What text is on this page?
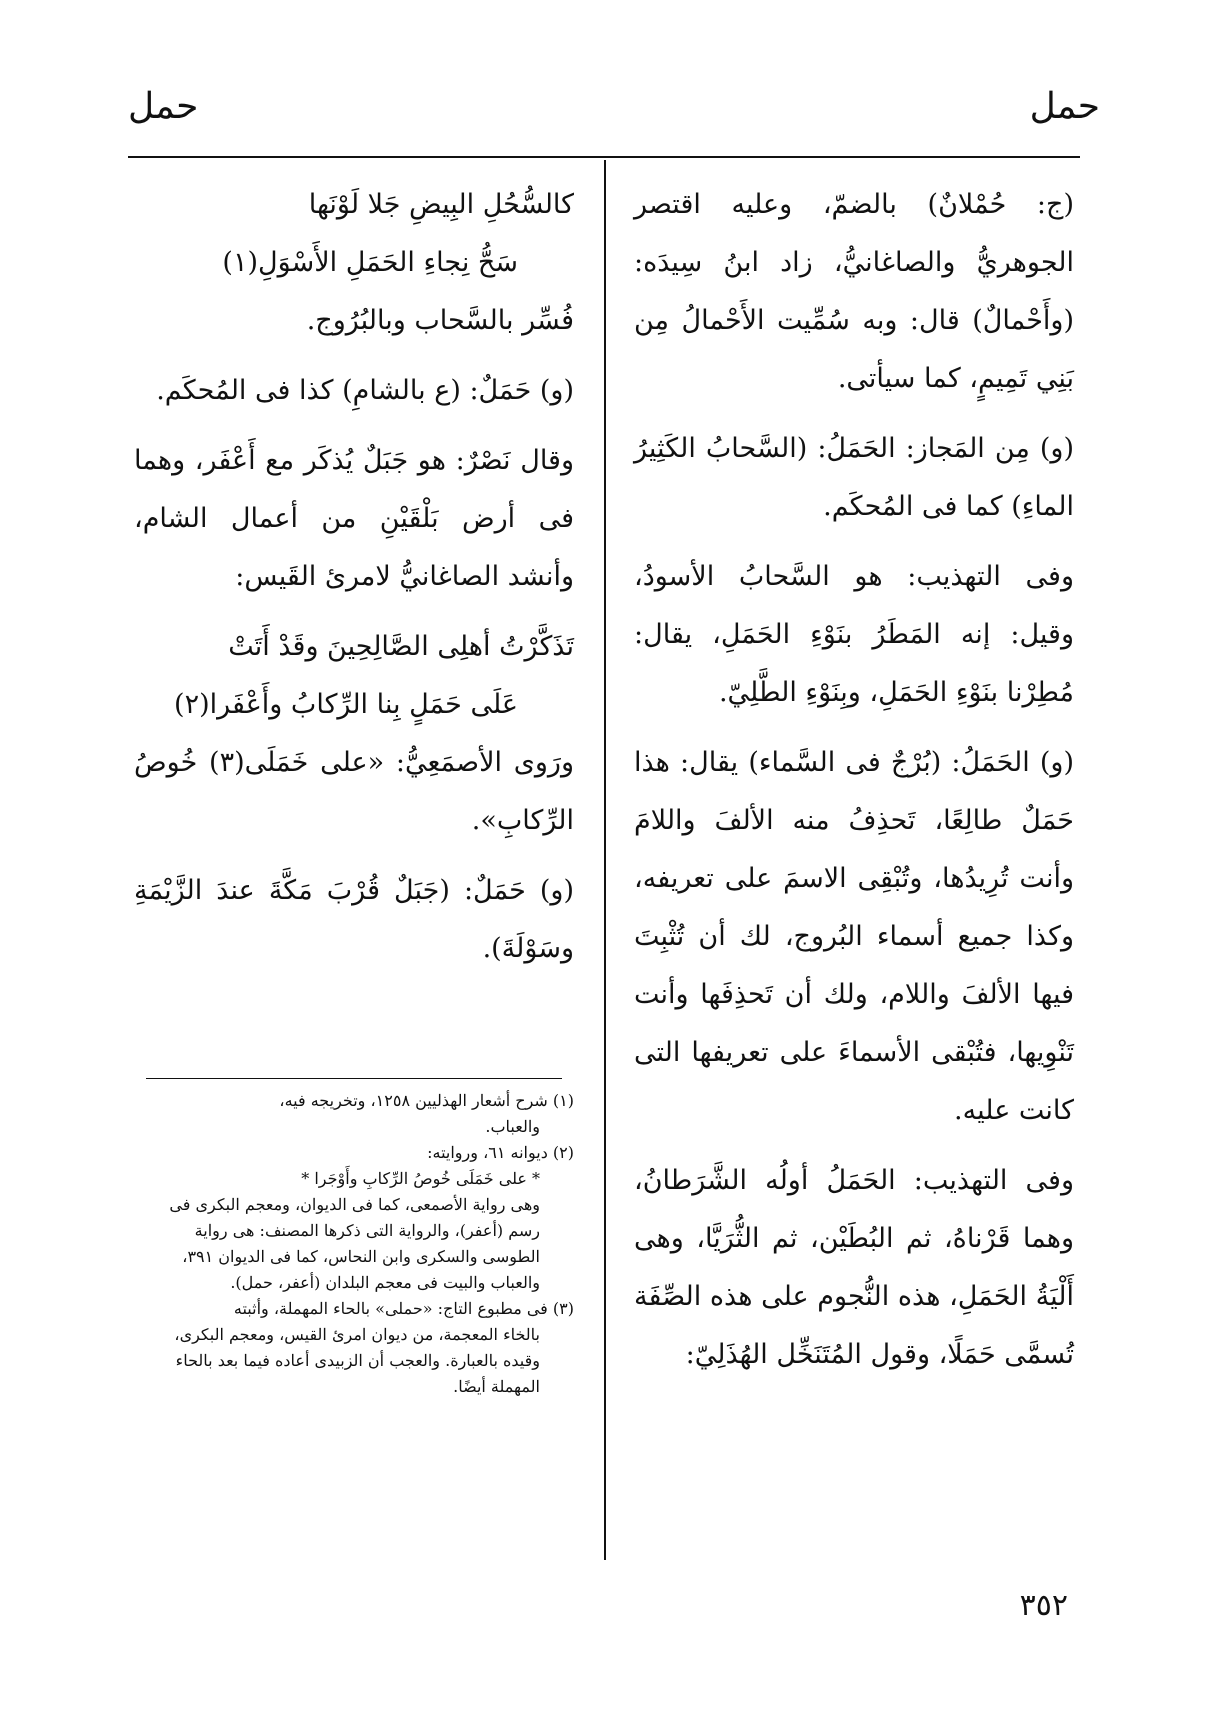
حمل
حمل

(ج: حُمْلانٌ) بالضمّ، وعليه اقتصر الجوهريُّ والصاغانيُّ، زاد ابنُ سِيدَه: (وأَحْمالٌ) قال: وبه سُمِّيت الأَحْمالُ مِن بَنِي تَمِيمٍ، كما سيأتى.

(و) مِن المَجاز: الحَمَلُ: (السَّحابُ الكَثِيرُ الماءِ) كما فى المُحكَم.

وفى التهذيب: هو السَّحابُ الأسودُ، وقيل: إنه المَطَرُ بنَوْءِ الحَمَلِ، يقال: مُطِرْنا بنَوْءِ الحَمَلِ، وبِنَوْءِ الطَّلِيّ.

(و) الحَمَلُ: (بُرْجٌ فى السَّماء) يقال: هذا حَمَلٌ طالِعًا، تَحذِفُ منه الألفَ واللامَ وأنت تُرِيدُها، وتُبْقِى الاسمَ على تعريفه، وكذا جميع أسماء البُروج، لك أن تُثْبِتَ فيها الألفَ واللام، ولك أن تَحذِفَها وأنت تَنْوِيها، فتُبْقى الأسماءَ على تعريفها التى كانت عليه.

وفى التهذيب: الحَمَلُ أولُه الشَّرَطانُ، وهما قَرْناهُ، ثم البُطَيْن، ثم الثُّرَيَّا، وهى أَلْيَةُ الحَمَلِ، هذه النُّجوم على هذه الصِّفَة تُسمَّى حَمَلًا، وقول المُتَنَخِّل الهُذَلِيّ:

كالسُّحُلِ البِيضِ جَلا لَوْنَها

سَحُّ نِجاءِ الحَمَلِ الأَسْوَلِ(١)

فُسِّر بالسَّحاب وبالبُرُوج.

(و) حَمَلٌ: (ع بالشامِ) كذا فى المُحكَم.

وقال نَصْرٌ: هو جَبَلٌ يُذكَر مع أَعْفَر، وهما فى أرض بَلْقَيْنِ من أعمال الشام، وأنشد الصاغانيُّ لامرئ القَيس:

تَذَكَّرْتُ أهلِى الصَّالِحِينَ وقَدْ أَتَتْ

عَلَى حَمَلٍ بِنا الرِّكابُ وأَعْفَرا(٢)

ورَوى الأصمَعِيُّ: «على خَمَلَى(٣) خُوصُ الرِّكابِ».

(و) حَمَلٌ: (جَبَلٌ قُرْبَ مَكَّةَ عندَ الزَّيْمَةِ وسَوْلَةَ).

(١) شرح أشعار الهذليين ١٢٥٨، وتخريجه فيه،

والعباب.

(٢) ديوانه ٦١، وروايته:

* على خَمَلَى خُوصُ الرِّكابِ وأَوْجَرا *

وهى رواية الأصمعى، كما فى الديوان، ومعجم البكرى فى رسم (أعفر)، والرواية التى ذكرها المصنف: هى رواية الطوسى والسكرى وابن النحاس، كما فى الديوان ٣٩١، والعباب والبيت فى معجم البلدان (أعفر، حمل).

(٣) فى مطبوع التاج: «حملى» بالحاء المهملة، وأثبته

بالخاء المعجمة، من ديوان امرئ القيس، ومعجم البكرى، وقيده بالعبارة. والعجب أن الزبيدى أعاده فيما بعد بالحاء المهملة أيضًا.

٣٥٢
